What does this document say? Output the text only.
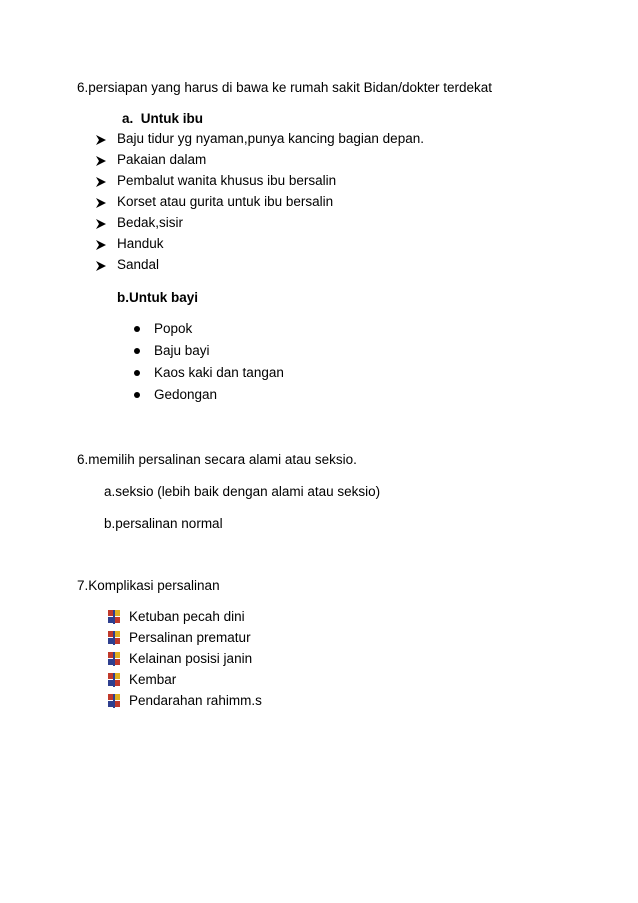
6.persiapan yang harus di bawa ke rumah sakit Bidan/dokter terdekat
a. Untuk ibu
Baju tidur yg nyaman,punya kancing bagian depan.
Pakaian dalam
Pembalut wanita khusus ibu bersalin
Korset atau gurita untuk ibu bersalin
Bedak,sisir
Handuk
Sandal
b.Untuk bayi
Popok
Baju bayi
Kaos kaki dan tangan
Gedongan
6.memilih persalinan secara alami atau seksio.
a.seksio (lebih baik dengan alami atau seksio)
b.persalinan normal
7.Komplikasi persalinan
Ketuban pecah dini
Persalinan prematur
Kelainan posisi janin
Kembar
Pendarahan rahimm.s
